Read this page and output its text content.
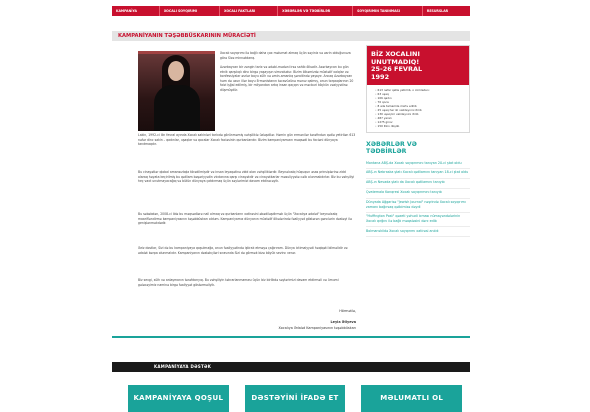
KAMPANİYA	XOCALI SOYQIRIMI	XOCALI FAKTLARI	XƏBƏRLƏR VƏ TƏDBİRLƏR	SOYQIRIMIN TANINMASI	RESURSLAR
KAMPANİYANIN TƏŞƏBBÜSKARININ MÜRACİƏTİ

Xocalı soyqırımı ilə bağlı daha çox məlumat almaq üçün səyiniz və əsrin olduğunuza görə Sizə minnətdarıq.

Azərbaycan bir zəngin tarix və ədəbi-mədəni irsə sahib ölkədir. Azərbaycan bu gün etnik qarşılıqlı dinc birgə yaşayışın simvoludur. Bizim ölkəmizdə müxtəlif xalqlar və konfessiyalar əsrlər boyu sülh və əmin-amanlıq şəraitində yaşayır. Ancaq Azərbaycan həm də uzun illər boyu Ermənistanın təcavüzünə məruz qalmış, onun torpaqlarının 20 faizi işğal edilmiş, bir milyondan artıq insan qaçqın və məcburi köçkün vəziyyətinə düşmüşdür.

Lakin, 1992-ci ilin fevral ayında Xocalı sakinləri tarixdə görünməmiş vəhşiliklə üzləşdilər. Həmin gün ermənilər tərəfindən qətlə yetirilən 613 nəfər dinc sakin – qadınlar, uşaqlar və qocalar Xocalı faciəsinin qurbanlarıdır. Bizim kampaniyamızın məqsədi bu faciəni dünyaya tanıtmaqdır.

Bu cinayətlər qlobal amansızlıqla törədilmişdir və insan leyaqətinə zidd olan vəhşiliklərdir. Beynəlxalq hüququn əsas prinsiplərinə zidd olaraq həyata keçirilmiş bu qətliam bəşəriyyətin vicdanına qarşı cinayətdir və cinayətkarlar məsuliyyətə cəlb olunmalıdırlar. Biz bu vəhşiliyi heç vaxt unutmayacağıq və bütün dünyaya çatdırmaq üçün səylərimizi davam etdirəcəyik.

Bu səbəbdən, 2008-ci ildə bu məqsədlərə nail olmaq və qurbanların xatirəsini əbədiləşdirmək üçün "Xocalıya ədalət" beynəlxalq maarifləndirmə kampaniyasının təşəbbüskarı oldum. Kampaniyamız dünyanın müxtəlif ölkələrində fəaliyyət göstərən gənclərin dəstəyi ilə genişlənməkdədir.

Əziz dostlar, Sizi də bu kampaniyaya qoşulmağa, onun fəaliyyətində iştirak etməyə çağırıram. Dünya ictimaiyyəti həqiqəti bilməlidir və ədalət bərpa olunmalıdır. Kampaniyanın dəstəkçiləri sırasında Sizi də görmək bizə böyük sevinc verər.

Biz sevgi, sülh və anlaşmanın tərəfdarıyıq. Bu vəhşiliyin təkrarlanmaması üçün biz birlikdə səylərimizi davam etdirməli və ümumi gələcəyimiz naminə birgə fəaliyyət göstərməliyik.

Hörmətlə,
Leyla Əliyeva
Xocalıya Ədalət Kampaniyasının təşəbbüskarı
BİZ XOCALINI
UNUTMADIQ!
25-26 FEVRAL
1992
• 613 nəfər qətlə yetirilib, o cümlədən:
• 63 uşaq
• 106 qadın
• 70 qoca
• 8 ailə tamamilə məhv edilib
• 25 uşaq hər iki valideynini itirib
• 130 uşaq bir valideynini itirib
• 487 yaralı
• 1275 girov
• 150 itkin düşüb
XƏBƏRLƏR VƏ
TƏDBİRLƏR
Montana ABŞ-da Xocalı soyqırımını tanıyan 20-ci ştat oldu
ABŞ-ın Nebraska ştatı Xocalı qətliamını tanıyan 18-ci ştat oldu
ABŞ-ın Nevada ştatı da Xocalı qətliamını tanıyıb
Qvatemala Konqresi Xocalı soyqırımını tanıyıb
Dünyada Ağgarisə "Jewish Journal" nəşrində Xocalı soyqırımı zamanı bağırsaq qəlbimizə dəydi
"Huffington Post" qəzeti yəhudi icması nümayəndələrinin Xocalı qırğını ilə bağlı məqaləsini dərc edib
Bolmanskiidə Xocalı soyqırımı xatirəsi anıldı
KAMPANİYAYA DƏSTƏK
KAMPANİYAYA QOŞUL	DƏSTƏYİNİ İFADƏ ET	MƏLUMATLI OL
